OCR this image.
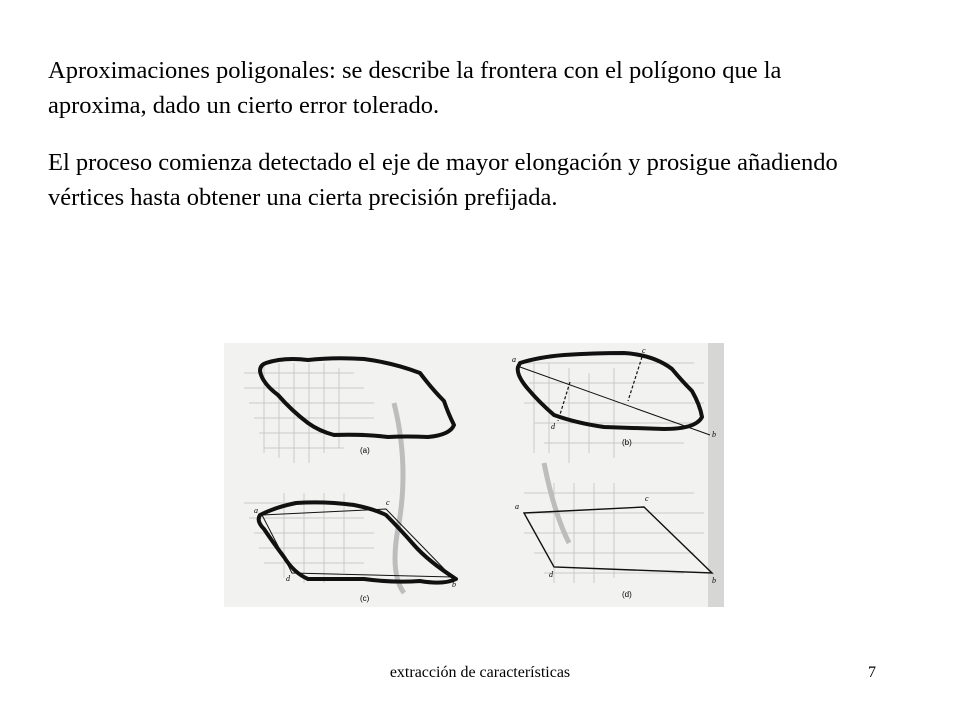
Aproximaciones poligonales: se describe la frontera con el polígono que la aproxima, dado un cierto error tolerado.

El proceso comienza detectado el eje de mayor elongación y prosigue añadiendo vértices hasta obtener una cierta precisión prefijada.

(a)
a
c
d
b
(b)
a
c
d
b
(c)
a
c
d
b
(d)
extracción de características	7
